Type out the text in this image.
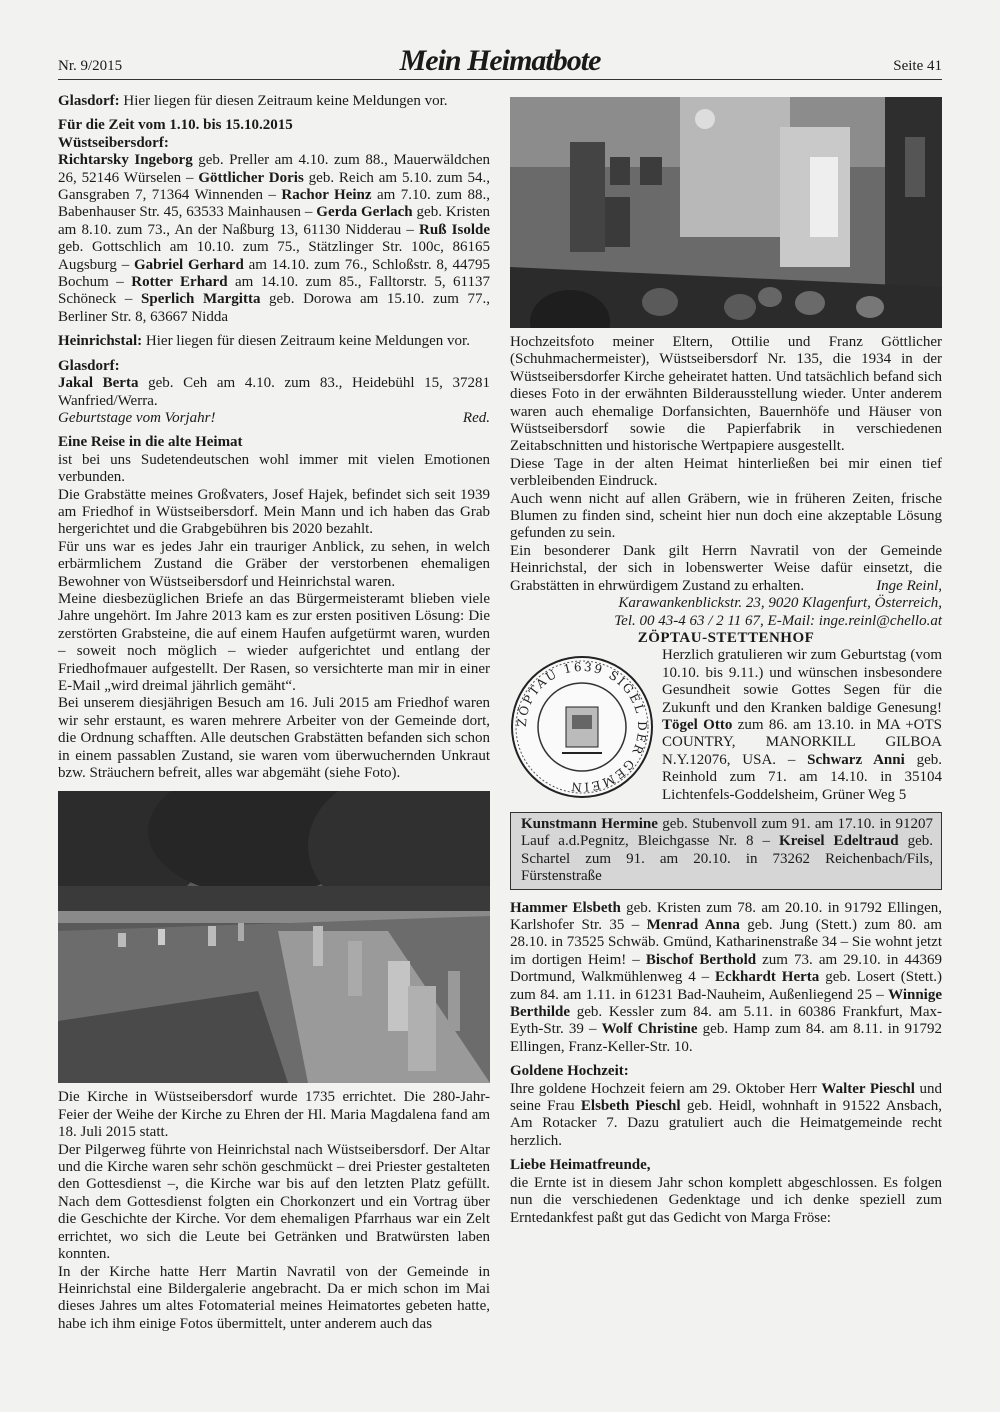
Nr. 9/2015	Mein Heimatbote	Seite 41

Glasdorf: Hier liegen für diesen Zeitraum keine Meldungen vor.

Für die Zeit vom 1.10. bis 15.10.2015

Wüstseibersdorf:

Richtarsky Ingeborg geb. Preller am 4.10. zum 88., Mauerwäldchen 26, 52146 Würselen – Göttlicher Doris geb. Reich am 5.10. zum 54., Gansgraben 7, 71364 Winnenden – Rachor Heinz am 7.10. zum 88., Babenhauser Str. 45, 63533 Mainhausen – Gerda Gerlach geb. Kristen am 8.10. zum 73., An der Naßburg 13, 61130 Nidderau – Ruß Isolde geb. Gottschlich am 10.10. zum 75., Stätzlinger Str. 100c, 86165 Augsburg – Gabriel Gerhard am 14.10. zum 76., Schloßstr. 8, 44795 Bochum – Rotter Erhard am 14.10. zum 85., Falltorstr. 5, 61137 Schöneck – Sperlich Margitta geb. Dorowa am 15.10. zum 77., Berliner Str. 8, 63667 Nidda

Heinrichstal: Hier liegen für diesen Zeitraum keine Meldungen vor.

Glasdorf:

Jakal Berta geb. Ceh am 4.10. zum 83., Heidebühl 15, 37281 Wanfried/Werra.

Geburtstage vom Vorjahr!	Red.

Eine Reise in die alte Heimat

ist bei uns Sudetendeutschen wohl immer mit vielen Emotionen verbunden.

Die Grabstätte meines Großvaters, Josef Hajek, befindet sich seit 1939 am Friedhof in Wüstseibersdorf. Mein Mann und ich haben das Grab hergerichtet und die Grabgebühren bis 2020 bezahlt.

Für uns war es jedes Jahr ein trauriger Anblick, zu sehen, in welch erbärmlichem Zustand die Gräber der verstorbenen ehemaligen Bewohner von Wüstseibersdorf und Heinrichstal waren.

Meine diesbezüglichen Briefe an das Bürgermeisteramt blieben viele Jahre ungehört. Im Jahre 2013 kam es zur ersten positiven Lösung: Die zerstörten Grabsteine, die auf einem Haufen aufgetürmt waren, wurden – soweit noch möglich – wieder aufgerichtet und entlang der Friedhofmauer aufgestellt. Der Rasen, so versichterte man mir in einer E-Mail „wird dreimal jährlich gemäht“.

Bei unserem diesjährigen Besuch am 16. Juli 2015 am Friedhof waren wir sehr erstaunt, es waren mehrere Arbeiter von der Gemeinde dort, die Ordnung schafften. Alle deutschen Grabstätten befanden sich schon in einem passablen Zustand, sie waren vom überwuchernden Unkraut bzw. Sträuchern befreit, alles war abgemäht (siehe Foto).

Die Kirche in Wüstseibersdorf wurde 1735 errichtet. Die 280-Jahr-Feier der Weihe der Kirche zu Ehren der Hl. Maria Magdalena fand am 18. Juli 2015 statt.

Der Pilgerweg führte von Heinrichstal nach Wüstseibersdorf. Der Altar und die Kirche waren sehr schön geschmückt – drei Priester gestalteten den Gottesdienst –, die Kirche war bis auf den letzten Platz gefüllt. Nach dem Gottesdienst folgten ein Chorkonzert und ein Vortrag über die Geschichte der Kirche. Vor dem ehemaligen Pfarrhaus war ein Zelt errichtet, wo sich die Leute bei Getränken und Bratwürsten laben konnten.

In der Kirche hatte Herr Martin Navratil von der Gemeinde in Heinrichstal eine Bildergalerie angebracht. Da er mich schon im Mai dieses Jahres um altes Fotomaterial meines Heimatortes gebeten hatte, habe ich ihm einige Fotos übermittelt, unter anderem auch das

Hochzeitsfoto meiner Eltern, Ottilie und Franz Göttlicher (Schuhmachermeister), Wüstseibersdorf Nr. 135, die 1934 in der Wüstseibersdorfer Kirche geheiratet hatten. Und tatsächlich befand sich dieses Foto in der erwähnten Bilderausstellung wieder. Unter anderem waren auch ehemalige Dorfansichten, Bauernhöfe und Häuser von Wüstseibersdorf sowie die Papierfabrik in verschiedenen Zeitabschnitten und historische Wertpapiere ausgestellt.

Diese Tage in der alten Heimat hinterließen bei mir einen tief verbleibenden Eindruck.

Auch wenn nicht auf allen Gräbern, wie in früheren Zeiten, frische Blumen zu finden sind, scheint hier nun doch eine akzeptable Lösung gefunden zu sein.

Ein besonderer Dank gilt Herrn Navratil von der Gemeinde Heinrichstal, der sich in lobenswerter Weise dafür einsetzt, die Grabstätten in ehrwürdigem Zustand zu erhalten.	Inge Reinl,

Karawankenblickstr. 23, 9020 Klagenfurt, Österreich,

Tel. 00 43-4 63 / 2 11 67, E-Mail: inge.reinl@chello.at

ZÖPTAU-STETTENHOF

ZÖPTAU 1639 SIGEL DER GEMEIN

Herzlich gratulieren wir zum Geburtstag (vom 10.10. bis 9.11.) und wünschen insbesondere Gesundheit sowie Gottes Segen für die Zukunft und den Kranken baldige Genesung! Tögel Otto zum 86. am 13.10. in MA +OTS COUNTRY, MANORKILL GILBOA N.Y.12076, USA. – Schwarz Anni geb. Reinhold zum 71. am 14.10. in 35104 Lichtenfels-Goddelsheim, Grüner Weg 5

Kunstmann Hermine geb. Stubenvoll zum 91. am 17.10. in 91207 Lauf a.d.Pegnitz, Bleichgasse Nr. 8 – Kreisel Edeltraud geb. Schartel zum 91. am 20.10. in 73262 Reichenbach/Fils, Fürstenstraße

Hammer Elsbeth geb. Kristen zum 78. am 20.10. in 91792 Ellingen, Karlshofer Str. 35 – Menrad Anna geb. Jung (Stett.) zum 80. am 28.10. in 73525 Schwäb. Gmünd, Katharinenstraße 34 – Sie wohnt jetzt im dortigen Heim! – Bischof Berthold zum 73. am 29.10. in 44369 Dortmund, Walkmühlenweg 4 – Eckhardt Herta geb. Losert (Stett.) zum 84. am 1.11. in 61231 Bad-Nauheim, Außenliegend 25 – Winnige Berthilde geb. Kessler zum 84. am 5.11. in 60386 Frankfurt, Max-Eyth-Str. 39 – Wolf Christine geb. Hamp zum 84. am 8.11. in 91792 Ellingen, Franz-Keller-Str. 10.

Goldene Hochzeit:

Ihre goldene Hochzeit feiern am 29. Oktober Herr Walter Pieschl und seine Frau Elsbeth Pieschl geb. Heidl, wohnhaft in 91522 Ansbach, Am Rotacker 7. Dazu gratuliert auch die Heimatgemeinde recht herzlich.

Liebe Heimatfreunde,

die Ernte ist in diesem Jahr schon komplett abgeschlossen. Es folgen nun die verschiedenen Gedenktage und ich denke speziell zum Erntedankfest paßt gut das Gedicht von Marga Fröse:
